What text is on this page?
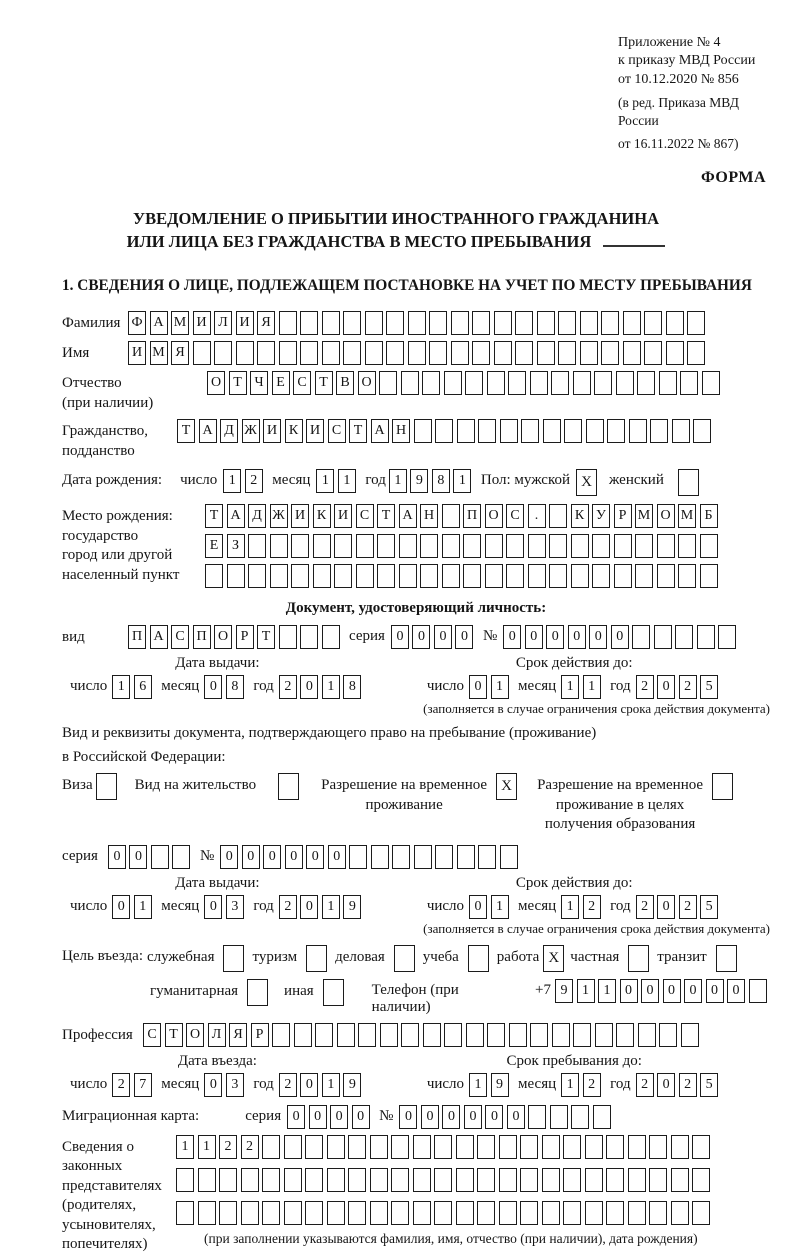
Приложение № 4
к приказу МВД России
от 10.12.2020 № 856
(в ред. Приказа МВД России
от 16.11.2022 № 867)
ФОРМА
УВЕДОМЛЕНИЕ О ПРИБЫТИИ ИНОСТРАННОГО ГРАЖДАНИНА
ИЛИ ЛИЦА БЕЗ ГРАЖДАНСТВА В МЕСТО ПРЕБЫВАНИЯ
1. СВЕДЕНИЯ О ЛИЦЕ, ПОДЛЕЖАЩЕМ ПОСТАНОВКЕ НА УЧЕТ ПО МЕСТУ ПРЕБЫВАНИЯ
Фамилия Ф А М И Л И Я
Имя	И М Я
Отчество
(при наличии)
О Т Ч Е С Т В О
Гражданство,
подданство
Т А Д Ж И К И С Т А Н
Дата рождения: число 1 2	месяц 1 1	год 1 9 8 1	Пол: мужской X	женский
Место рождения:
государство
город или другой
населенный пункт
Т А Д Ж И К И С Т А Н П О С .	К У Р М О М Б
Е З
Документ, удостоверяющий личность:
вид	П А С П О Р Т	серия 0 0 0 0	№ 0 0 0 0 0 0
Дата выдачи:
число 1 6	месяц 0 8	год 2 0 1 8
Срок действия до:
число 0 1	месяц 1 1	год 2 0 2 5
(заполняется в случае ограничения срока действия документа)
Вид и реквизиты документа, подтверждающего право на пребывание (проживание)
в Российской Федерации:
Виза	Вид на жительство	Разрешение на временное
проживание
X	Разрешение на временное
проживание в целях
получения образования
серия	0 0	№ 0 0 0 0 0 0
Дата выдачи:
число 0 1	месяц 0 3	год 2 0 1 9
Срок действия до:
число 0 1	месяц 1 2	год 2 0 2 5
(заполняется в случае ограничения срока действия документа)
Цель въезда: служебная	туризм	деловая	учеба	работа X частная	транзит
гуманитарная	иная	Телефон (при наличии)
+7 9 1 1 0 0 0 0 0 0
Профессия	С Т О Л Я Р
Дата въезда:
число 2 7	месяц 0 3	год 2 0 1 9
Срок пребывания до:
число 1 9	месяц 1 2	год 2 0 2 5
Миграционная карта:	серия 0 0 0 0	№ 0 0 0 0 0 0
Сведения о
законных
представителях
(родителях,
усыновителях,
попечителях)
1 1 2 2
(при заполнении указываются фамилия, имя, отчество (при наличии), дата рождения)
